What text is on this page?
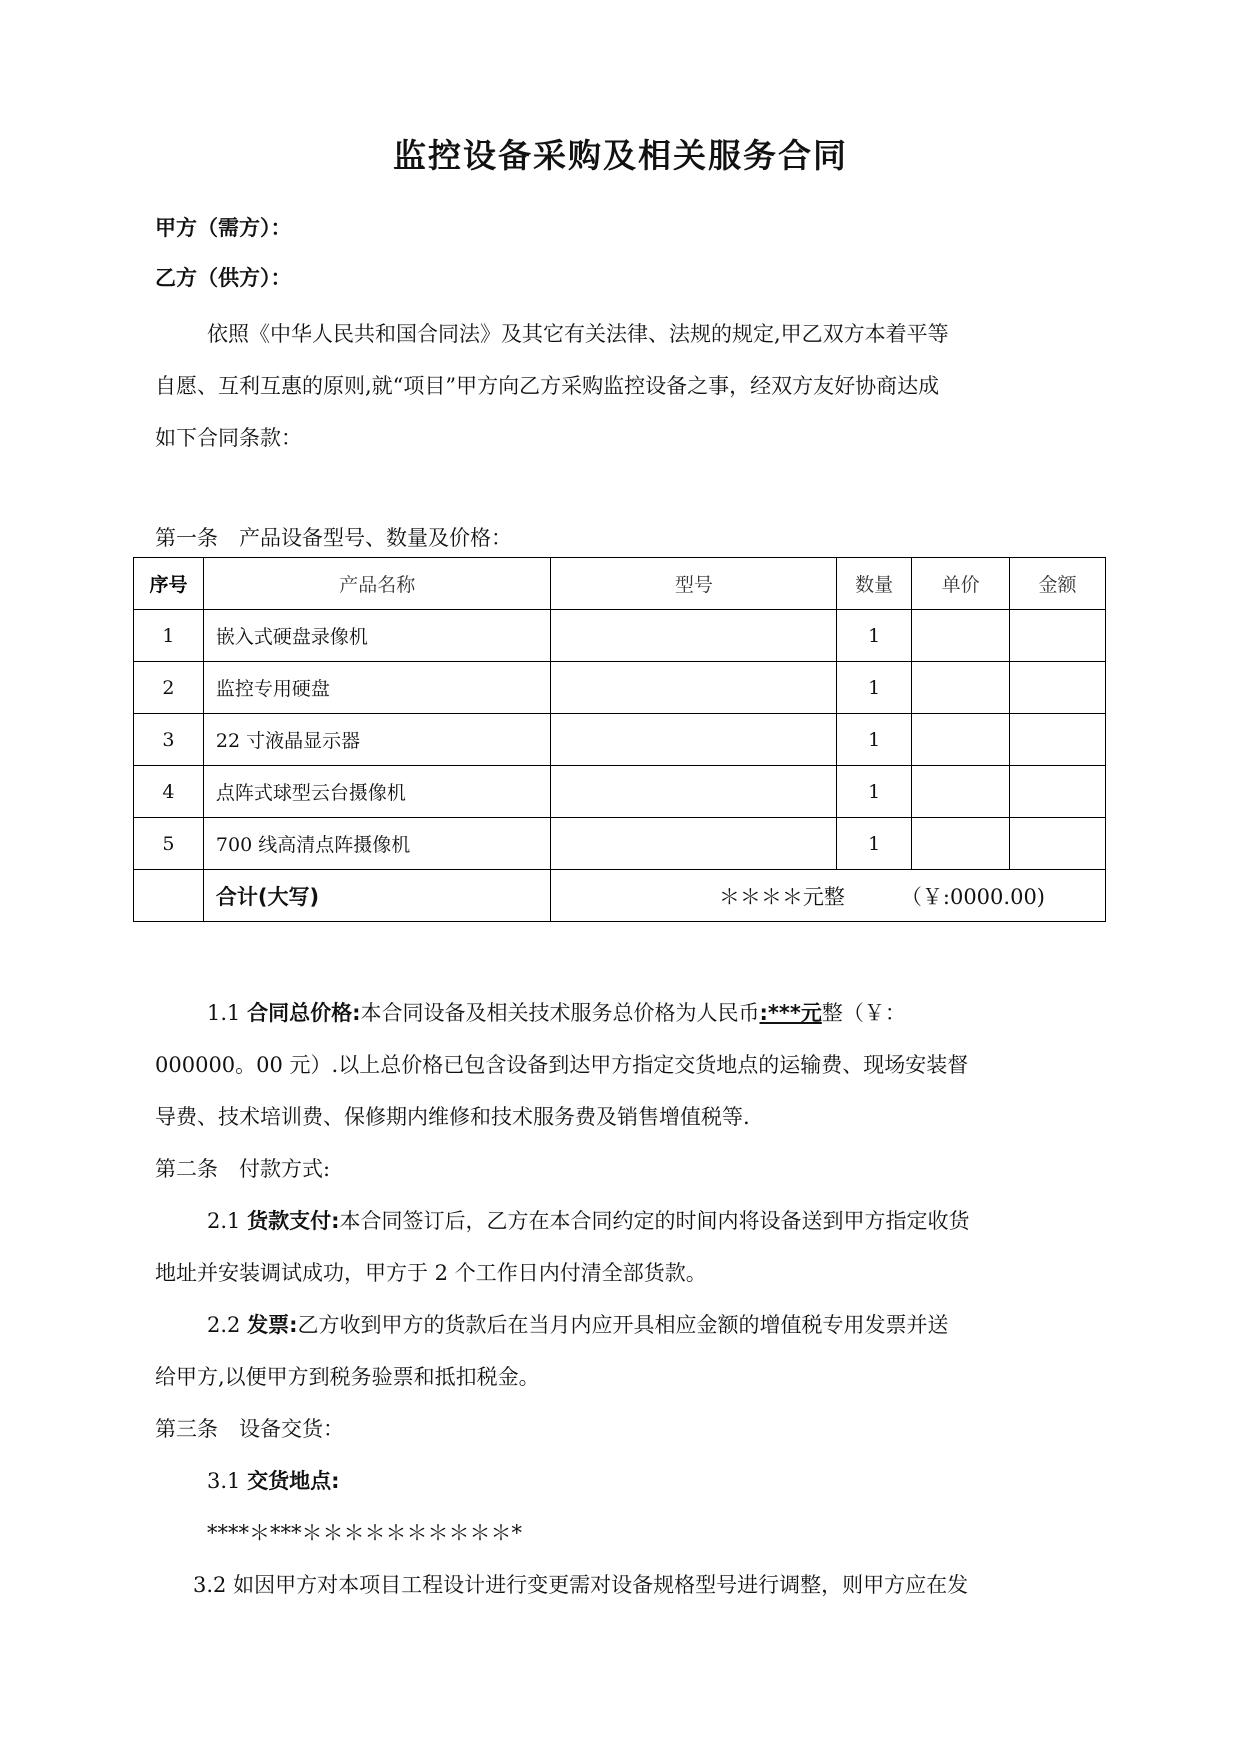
监控设备采购及相关服务合同
甲方（需方）：
乙方（供方）：
依照《中华人民共和国合同法》及其它有关法律、法规的规定,甲乙双方本着平等
自愿、互利互惠的原则,就“项目”甲方向乙方采购监控设备之事，经双方友好协商达成
如下合同条款：
第一条　产品设备型号、数量及价格：
序号	产品名称	型号	数量	单价	金额
1	嵌入式硬盘录像机		1		
2	监控专用硬盘		1		
3	22 寸液晶显示器		1		
4	点阵式球型云台摄像机		1		
5	700 线高清点阵摄像机		1		
	合计(大写)	＊＊＊＊元整 （￥:0000.00)			
1.1 合同总价格:本合同设备及相关技术服务总价格为人民币:***元整（￥：
000000。00 元）.以上总价格已包含设备到达甲方指定交货地点的运输费、现场安装督
导费、技术培训费、保修期内维修和技术服务费及销售增值税等.
第二条　付款方式:
2.1 货款支付:本合同签订后，乙方在本合同约定的时间内将设备送到甲方指定收货
地址并安装调试成功，甲方于 2 个工作日内付清全部货款。
2.2 发票:乙方收到甲方的货款后在当月内应开具相应金额的增值税专用发票并送
给甲方,以便甲方到税务验票和抵扣税金。
第三条　设备交货：
3.1 交货地点:
****＊***＊＊＊＊＊＊＊＊＊＊*
3.2 如因甲方对本项目工程设计进行变更需对设备规格型号进行调整，则甲方应在发
